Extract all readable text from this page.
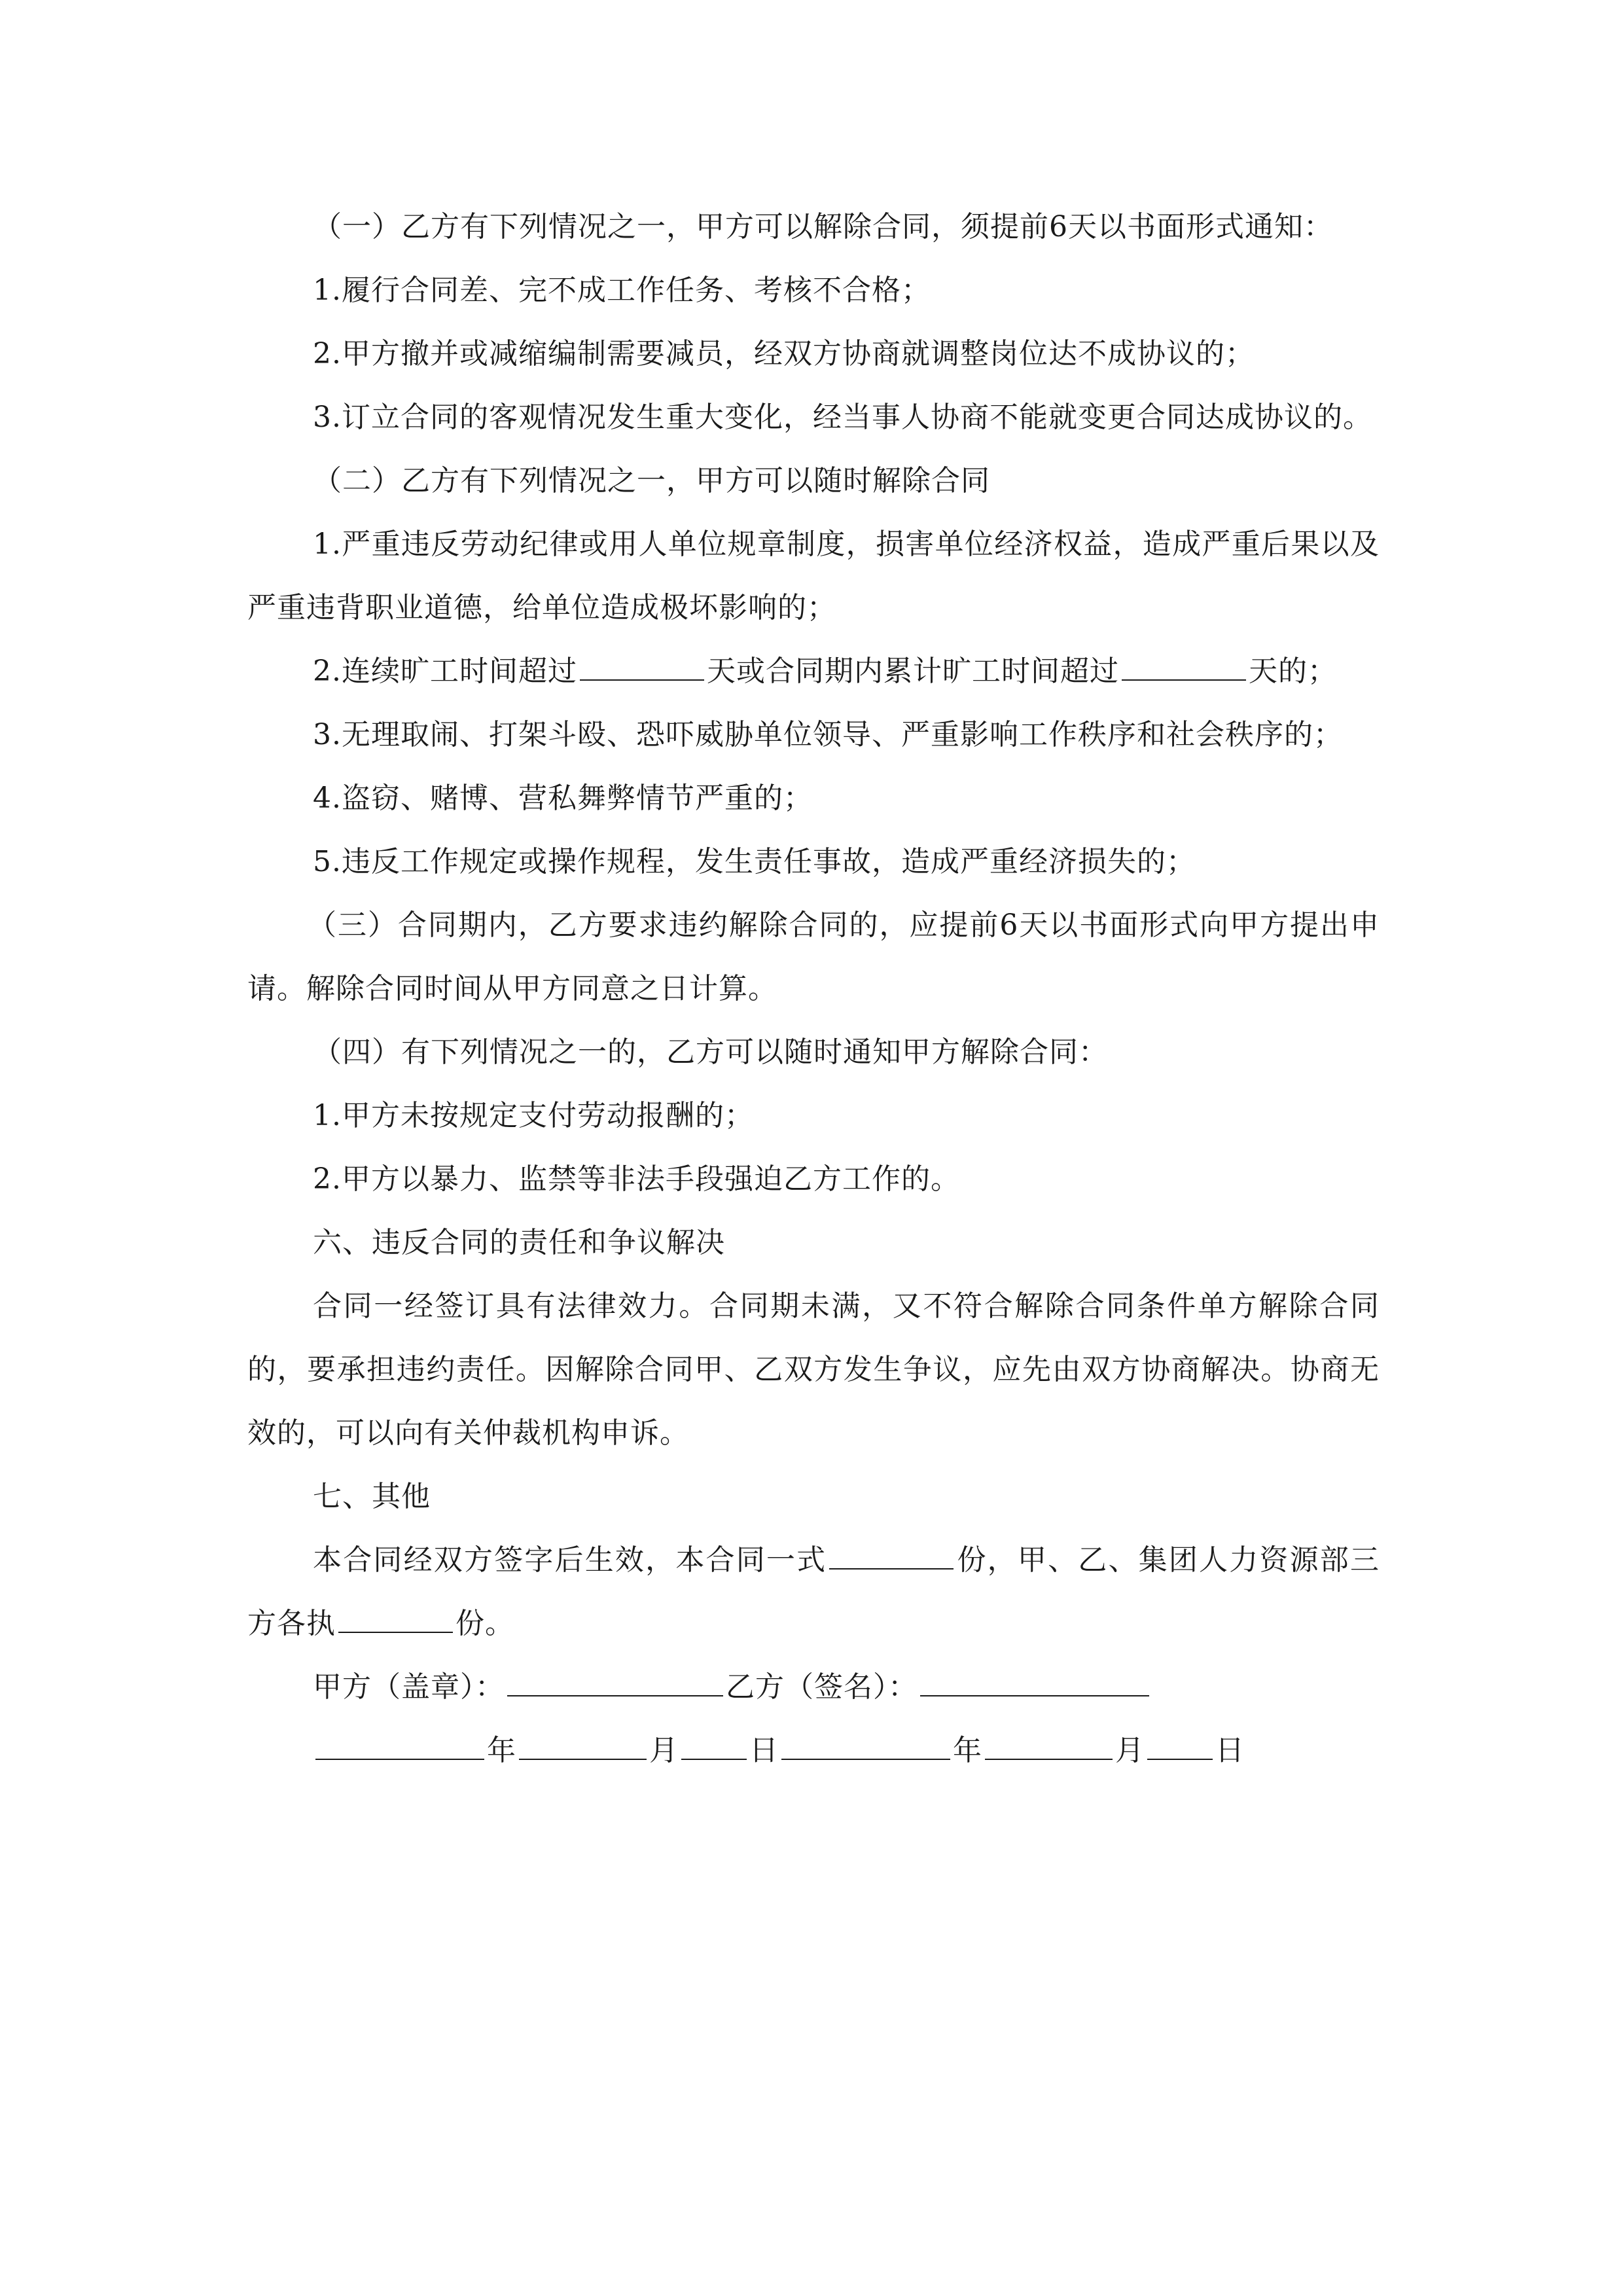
（一）乙方有下列情况之一，甲方可以解除合同，须提前6天以书面形式通知：

1.履行合同差、完不成工作任务、考核不合格；

2.甲方撤并或减缩编制需要减员，经双方协商就调整岗位达不成协议的；

3.订立合同的客观情况发生重大变化，经当事人协商不能就变更合同达成协议的。

（二）乙方有下列情况之一，甲方可以随时解除合同

1.严重违反劳动纪律或用人单位规章制度，损害单位经济权益，造成严重后果以及严重违背职业道德，给单位造成极坏影响的；

2.连续旷工时间超过	天或合同期内累计旷工时间超过	天的；

3.无理取闹、打架斗殴、恐吓威胁单位领导、严重影响工作秩序和社会秩序的；

4.盗窃、赌博、营私舞弊情节严重的；

5.违反工作规定或操作规程，发生责任事故，造成严重经济损失的；

（三）合同期内，乙方要求违约解除合同的，应提前6天以书面形式向甲方提出申请。解除合同时间从甲方同意之日计算。

（四）有下列情况之一的，乙方可以随时通知甲方解除合同：

1.甲方未按规定支付劳动报酬的；

2.甲方以暴力、监禁等非法手段强迫乙方工作的。

六、违反合同的责任和争议解决

合同一经签订具有法律效力。合同期未满，又不符合解除合同条件单方解除合同的，要承担违约责任。因解除合同甲、乙双方发生争议，应先由双方协商解决。协商无效的，可以向有关仲裁机构申诉。

七、其他

本合同经双方签字后生效，本合同一式	份，甲、乙、集团人力资源部三方各执	份。

甲方（盖章）：	乙方（签名）：

年	月 日	年	月 日
